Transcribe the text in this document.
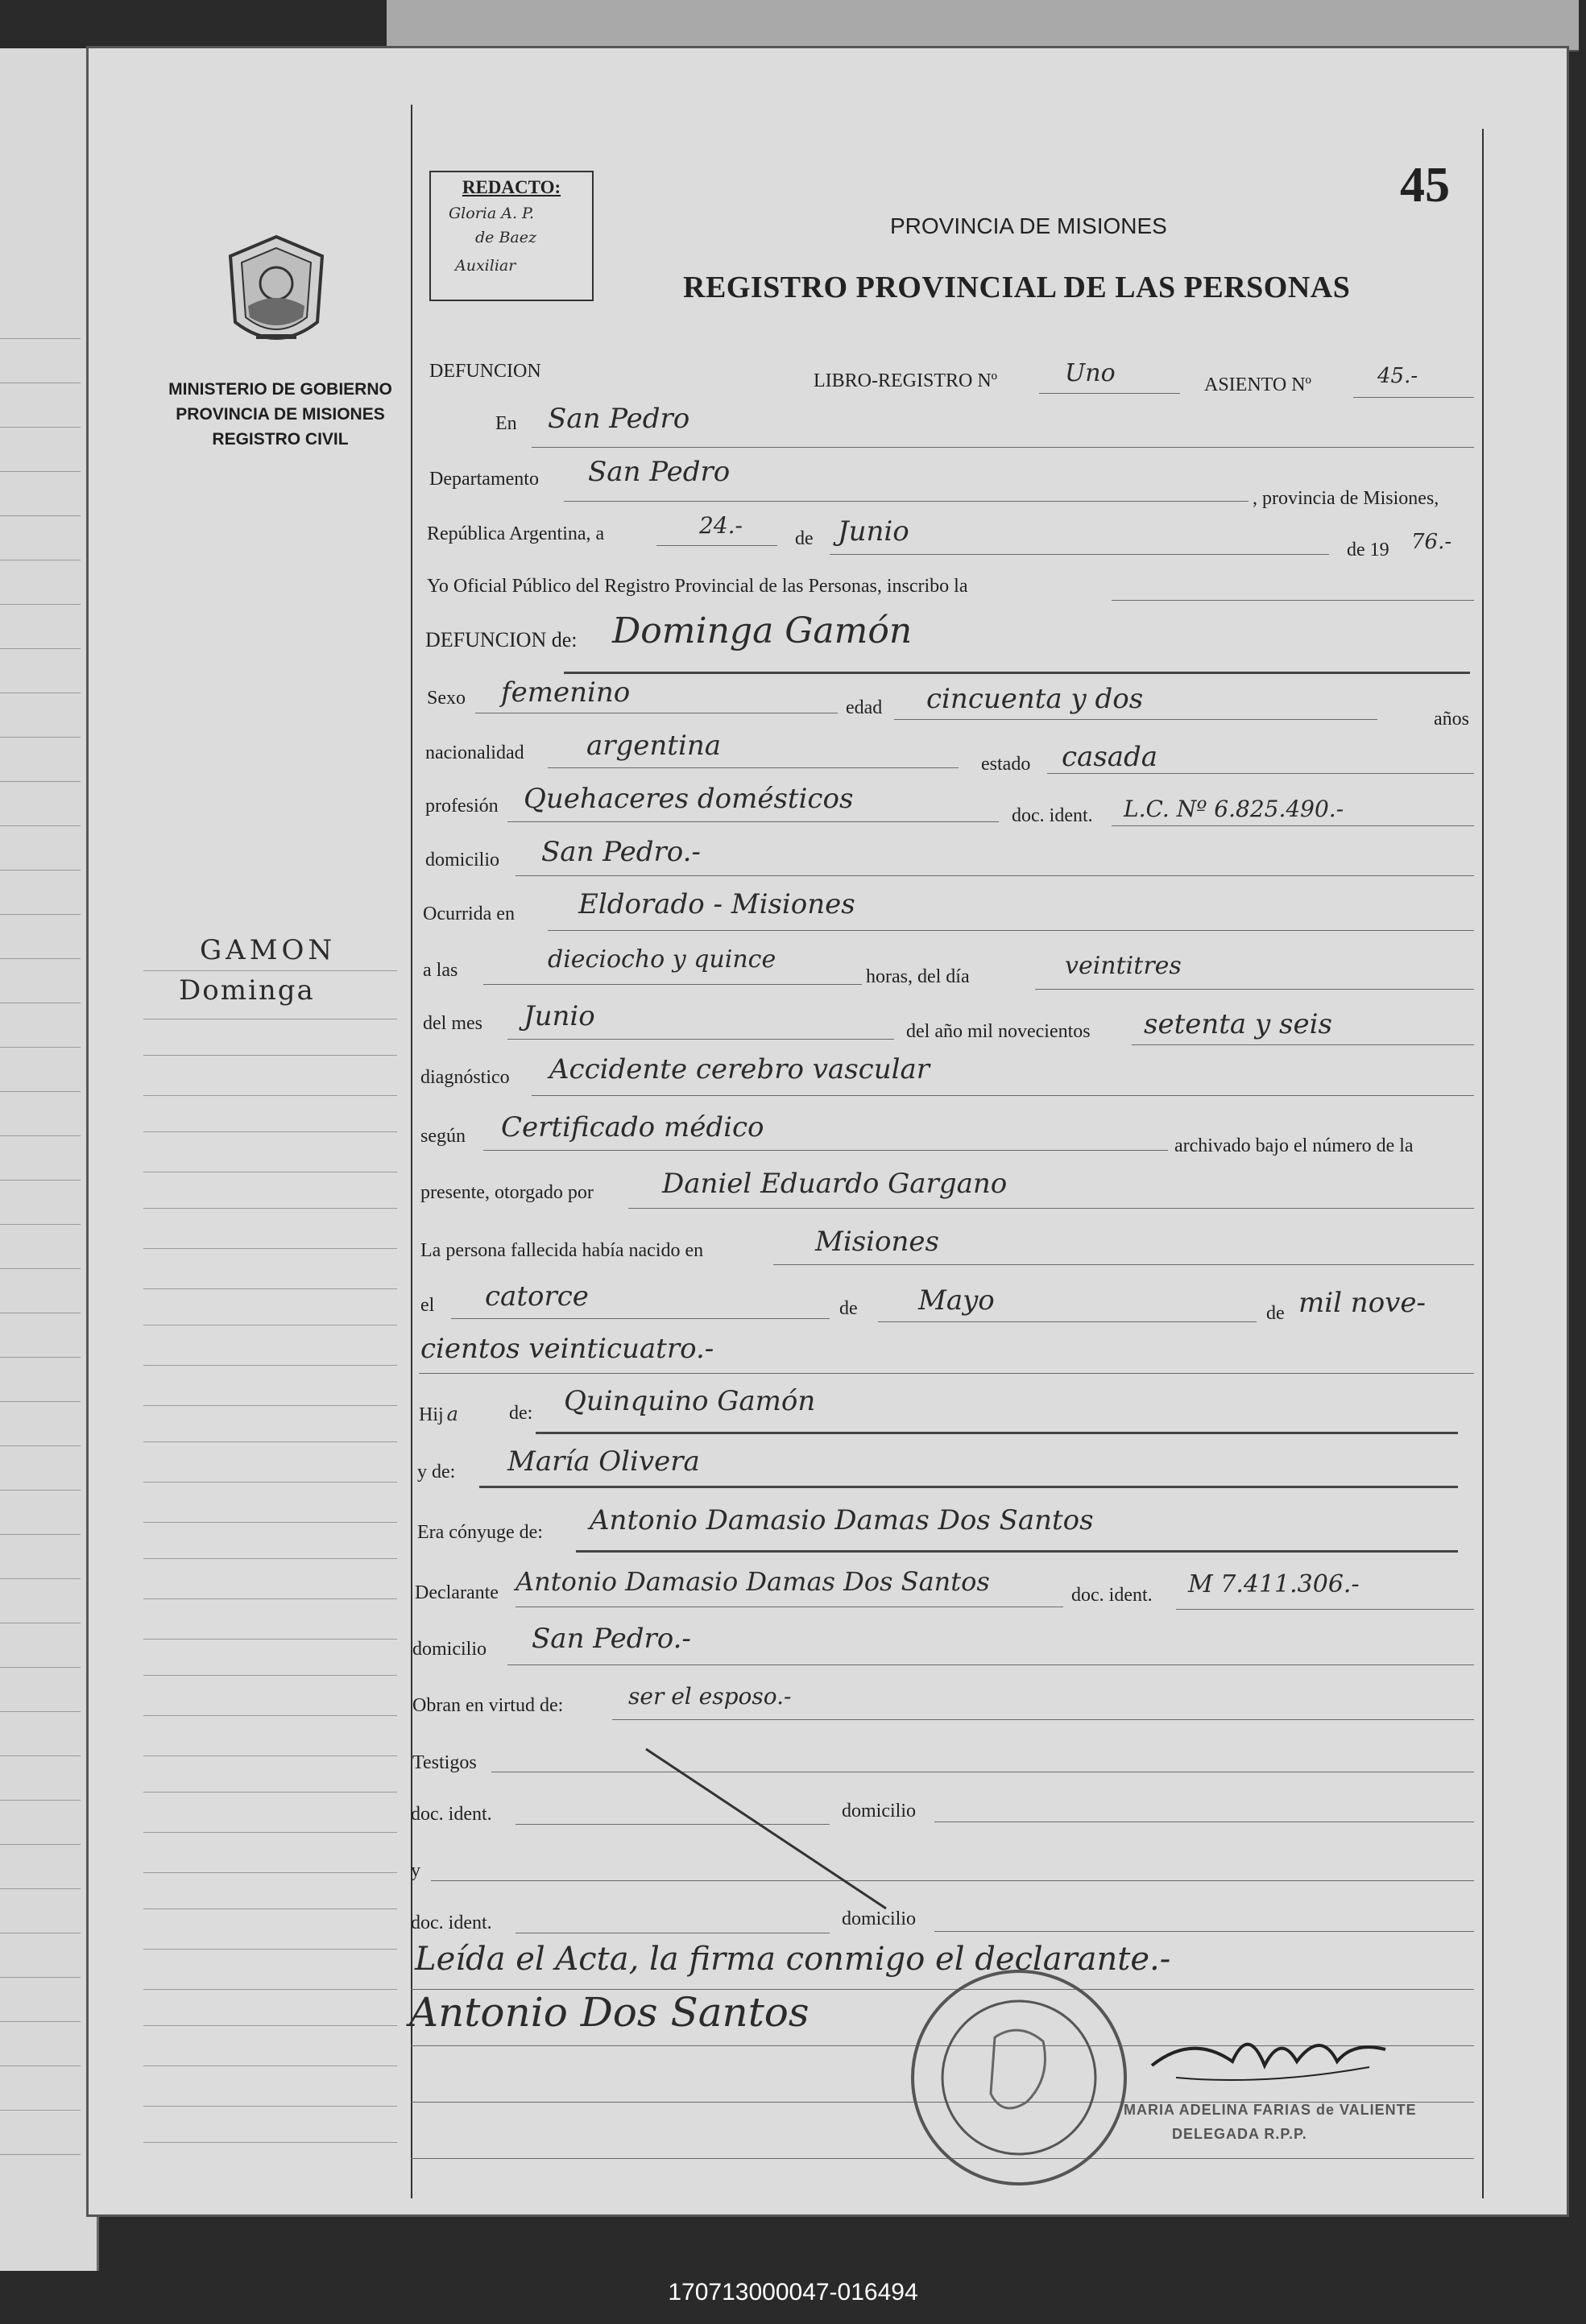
MINISTERIO DE GOBIERNO
PROVINCIA DE MISIONES
REGISTRO CIVIL
REDACTO:
Gloria A. P.
de Baez
Auxiliar
45
PROVINCIA DE MISIONES
REGISTRO PROVINCIAL DE LAS PERSONAS
GAMON
Dominga
DEFUNCION	LIBRO-REGISTRO Nº	Uno	ASIENTO Nº	45.-
En San Pedro
Departamento San Pedro
, provincia de Misiones,
República Argentina, a	24.-	de Junio
de 19 76.-
Yo Oficial Público del Registro Provincial de las Personas, inscribo la
DEFUNCION de: Dominga Gamón
Sexo femenino	edad cincuenta y dos
años
nacionalidad argentina
estado casada
profesión Quehaceres domésticos
doc. ident. L.C. Nº 6.825.490.-
domicilio San Pedro.-
Ocurrida en Eldorado - Misiones
a las	dieciocho y quince
horas, del día	veintitres
del mes Junio	del año mil novecientos setenta y seis
diagnóstico Accidente cerebro vascular
según Certificado médico
archivado bajo el número de la
presente, otorgado por	Daniel Eduardo Gargano
La persona fallecida había nacido en	Misiones
el catorce	de Mayo	de mil nove-
cientos veinticuatro.-
Hij a	de: Quinquino Gamón
y de: María Olivera
Era cónyuge de: Antonio Damasio Damas Dos Santos
Declarante Antonio Damasio Damas Dos Santos	doc. ident. M 7.411.306.-
domicilio San Pedro.-
Obran en virtud de:	ser el esposo.-
Testigos
doc. ident.	domicilio
y
doc. ident.	domicilio
Leída el Acta, la firma conmigo el declarante.-
Antonio Dos Santos
MARIA ADELINA FARIAS de VALIENTE
DELEGADA R.P.P.
170713000047-016494
